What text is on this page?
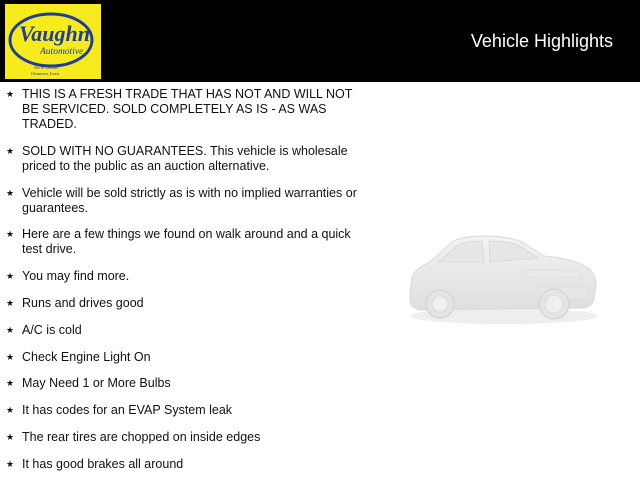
Vaughn
Automotive
We're Dealin'!
Ottumwa, Iowa
Vehicle Highlights
★ THIS IS A FRESH TRADE THAT HAS NOT AND WILL NOT BE SERVICED. SOLD COMPLETELY AS IS - AS WAS TRADED.
★ SOLD WITH NO GUARANTEES. This vehicle is wholesale priced to the public as an auction alternative.
★ Vehicle will be sold strictly as is with no implied warranties or guarantees.
★ Here are a few things we found on walk around and a quick test drive.
★ You may find more.
★ Runs and drives good
★ A/C is cold
★ Check Engine Light On
★ May Need 1 or More Bulbs
★ It has codes for an EVAP System leak
★ The rear tires are chopped on inside edges
★ It has good brakes all around
